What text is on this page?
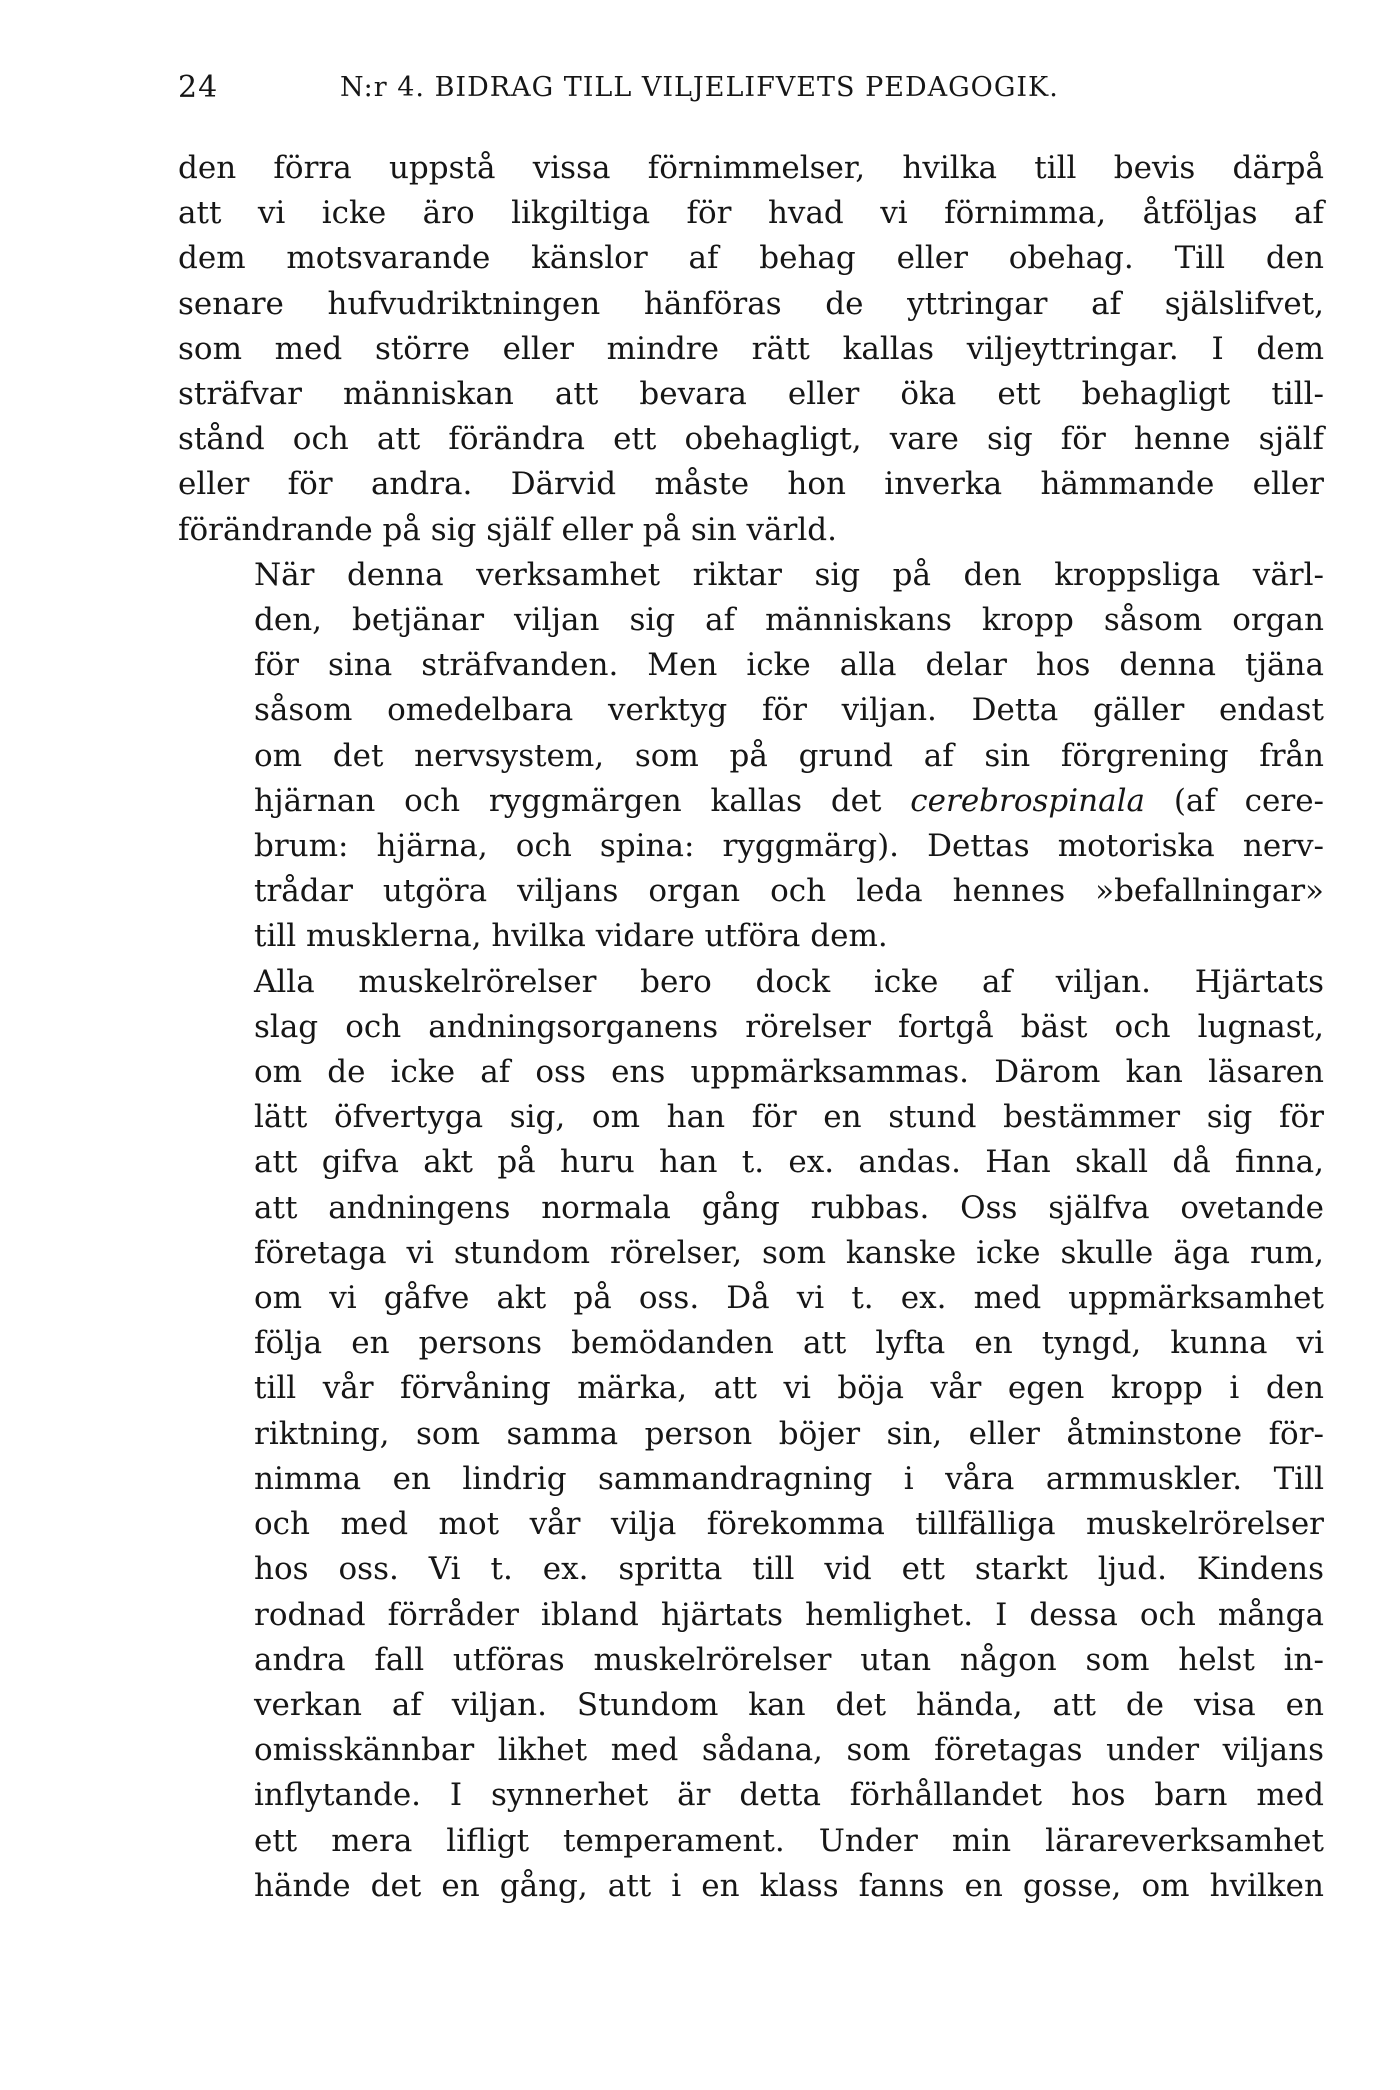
24	N:r 4. BIDRAG TILL VILJELIFVETS PEDAGOGIK.

den förra uppstå vissa förnimmelser, hvilka till bevis därpå
att vi icke äro likgiltiga för hvad vi förnimma, åtföljas af
dem motsvarande känslor af behag eller obehag. Till den
senare hufvudriktningen hänföras de yttringar af själslifvet,
som med större eller mindre rätt kallas viljeyttringar. I dem
sträfvar människan att bevara eller öka ett behagligt till-
stånd och att förändra ett obehagligt, vare sig för henne själf
eller för andra. Därvid måste hon inverka hämmande eller
förändrande på sig själf eller på sin värld.

När denna verksamhet riktar sig på den kroppsliga värl-
den, betjänar viljan sig af människans kropp såsom organ
för sina sträfvanden. Men icke alla delar hos denna tjäna
såsom omedelbara verktyg för viljan. Detta gäller endast
om det nervsystem, som på grund af sin förgrening från
hjärnan och ryggmärgen kallas det cerebrospinala (af cere-
brum: hjärna, och spina: ryggmärg). Dettas motoriska nerv-
trådar utgöra viljans organ och leda hennes »befallningar»
till musklerna, hvilka vidare utföra dem.

Alla muskelrörelser bero dock icke af viljan. Hjärtats
slag och andningsorganens rörelser fortgå bäst och lugnast,
om de icke af oss ens uppmärksammas. Därom kan läsaren
lätt öfvertyga sig, om han för en stund bestämmer sig för
att gifva akt på huru han t. ex. andas. Han skall då finna,
att andningens normala gång rubbas. Oss själfva ovetande
företaga vi stundom rörelser, som kanske icke skulle äga rum,
om vi gåfve akt på oss. Då vi t. ex. med uppmärksamhet
följa en persons bemödanden att lyfta en tyngd, kunna vi
till vår förvåning märka, att vi böja vår egen kropp i den
riktning, som samma person böjer sin, eller åtminstone för-
nimma en lindrig sammandragning i våra armmuskler. Till
och med mot vår vilja förekomma tillfälliga muskelrörelser
hos oss. Vi t. ex. spritta till vid ett starkt ljud. Kindens
rodnad förråder ibland hjärtats hemlighet. I dessa och många
andra fall utföras muskelrörelser utan någon som helst in-
verkan af viljan. Stundom kan det hända, att de visa en
omisskännbar likhet med sådana, som företagas under viljans
inflytande. I synnerhet är detta förhållandet hos barn med
ett mera lifligt temperament. Under min lärareverksamhet
hände det en gång, att i en klass fanns en gosse, om hvilken
